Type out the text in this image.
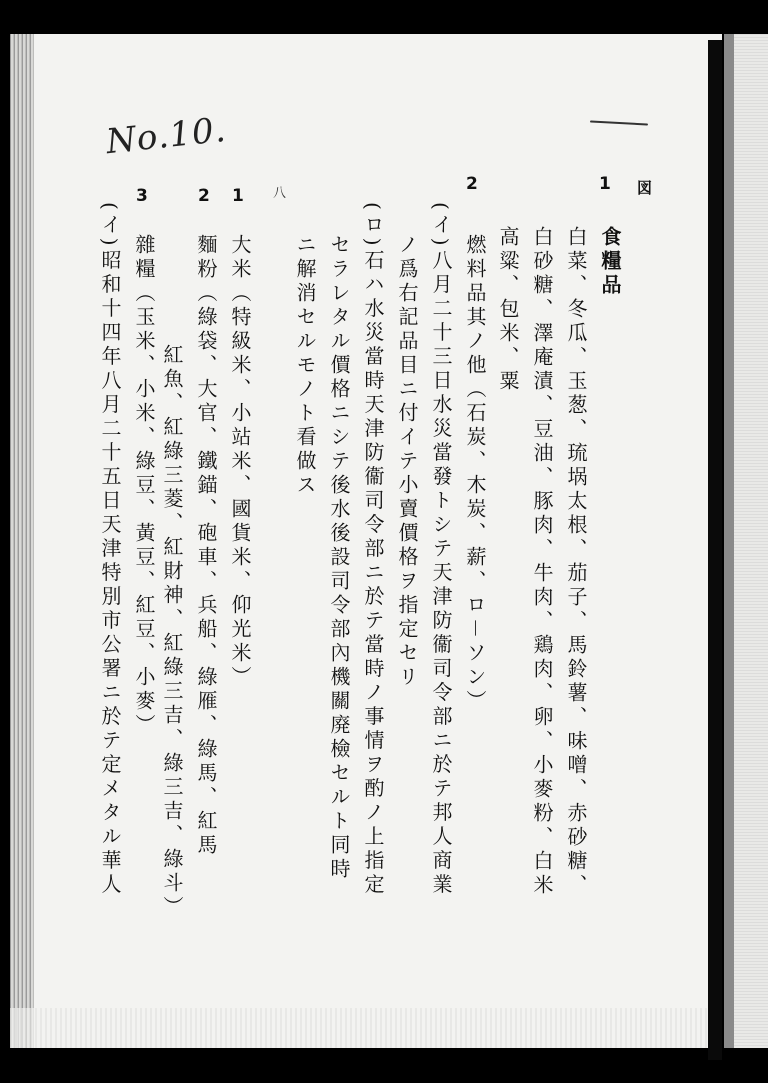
No.10.
八	図
1
食糧品
白菜、冬瓜、玉葱、琉埚太根、茄子、馬鈴薯、味噌、赤砂糖、
白砂糖、澤庵漬、豆油、豚肉、牛肉、鶏肉、卵、小麥粉、白米
高粱、包米、粟
2
燃料品其ノ他（石炭、木炭、薪、ロ－ソン）
(イ)八月二十三日水災當發トシテ天津防衞司令部ニ於テ邦人商業
ノ爲右記品目ニ付イテ小賣價格ヲ指定セリ
(ロ)石ハ水災當時天津防衞司令部ニ於テ當時ノ事情ヲ酌ノ上指定
セラレタル價格ニシテ後水後設司令部內機關廃檢セルト同時
ニ解消セルモノト看做ス
1
大米（特級米、小站米、國貨米、仰光米）
2
麵粉（綠袋、大官、鐵錨、砲車、兵船、綠雁、綠馬、紅馬
紅魚、紅綠三菱、紅財神、紅綠三吉、綠三吉、綠斗）
3
雜糧（玉米、小米、綠豆、黃豆、紅豆、小麥）
(イ)昭和十四年八月二十五日天津特別市公署ニ於テ定メタル華人
